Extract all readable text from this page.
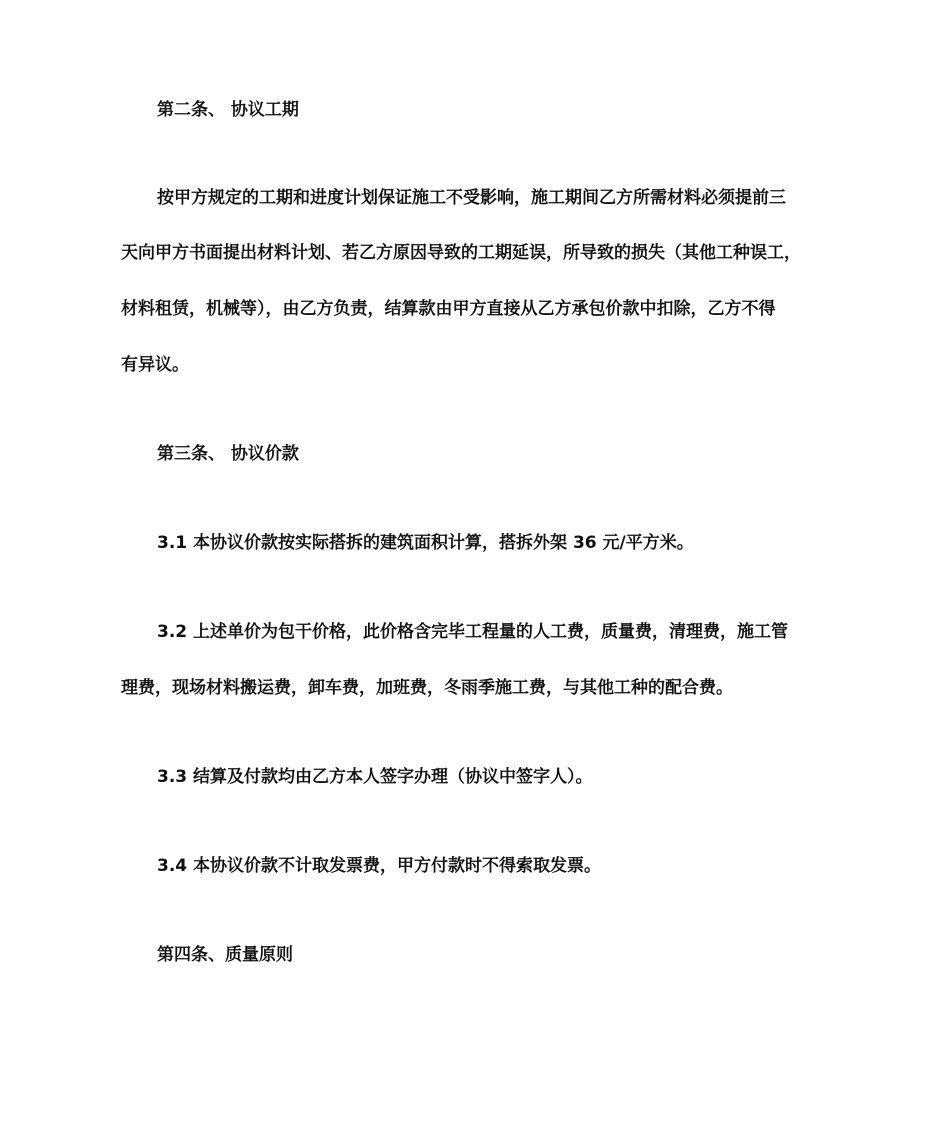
第二条、 协议工期
按甲方规定的工期和进度计划保证施工不受影响，施工期间乙方所需材料必须提前三
天向甲方书面提出材料计划、若乙方原因导致的工期延误，所导致的损失（其他工种误工，
材料租赁，机械等），由乙方负责，结算款由甲方直接从乙方承包价款中扣除，乙方不得
有异议。
第三条、 协议价款
3.1 本协议价款按实际搭拆的建筑面积计算，搭拆外架 36 元/平方米。
3.2 上述单价为包干价格，此价格含完毕工程量的人工费，质量费，清理费，施工管
理费，现场材料搬运费，卸车费，加班费，冬雨季施工费，与其他工种的配合费。
3.3 结算及付款均由乙方本人签字办理（协议中签字人）。
3.4 本协议价款不计取发票费，甲方付款时不得索取发票。
第四条、质量原则
